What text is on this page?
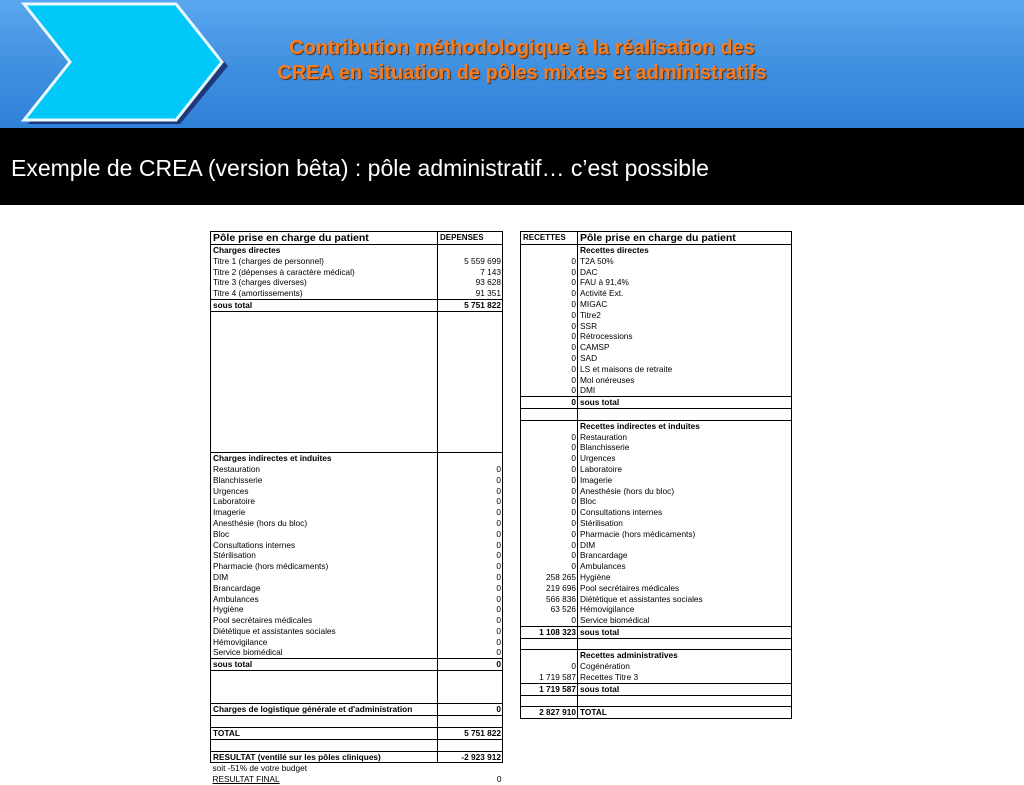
Contribution méthodologique à la réalisation des
CREA en situation de pôles mixtes et administratifs
Exemple de CREA (version bêta) : pôle administratif… c’est possible
Pôle prise en charge du patient	DEPENSES
Charges directes	
Titre 1 (charges de personnel)	5 559 699
Titre 2 (dépenses à caractère médical)	7 143
Titre 3 (charges diverses)	93 628
Titre 4 (amortissements)	91 351
sous total	5 751 822

Charges indirectes et induites	
Restauration	0
Blanchisserie	0
Urgences	0
Laboratoire	0
Imagerie	0
Anesthésie (hors du bloc)	0
Bloc	0
Consultations internes	0
Stérilisation	0
Pharmacie (hors médicaments)	0
DIM	0
Brancardage	0
Ambulances	0
Hygiène	0
Pool secrétaires médicales	0
Diététique et assistantes sociales	0
Hémovigilance	0
Service biomédical	0
sous total	0

Charges de logistique générale et d'administration	0

TOTAL	5 751 822

RESULTAT (ventilé sur les pôles cliniques)	-2 923 912
soit -51% de votre budget	
RESULTAT FINAL	0
RECETTES	Pôle prise en charge du patient
	Recettes directes
0	T2A 50%
0	DAC
0	FAU à 91,4%
0	Activité Ext.
0	MIGAC
0	Titre2
0	SSR
0	Rétrocessions
0	CAMSP
0	SAD
0	LS et maisons de retraite
0	Mol onéreuses
0	DMI
0	sous total

	Recettes indirectes et induites
0	Restauration
0	Blanchisserie
0	Urgences
0	Laboratoire
0	Imagerie
0	Anesthésie (hors du bloc)
0	Bloc
0	Consultations internes
0	Stérilisation
0	Pharmacie (hors médicaments)
0	DIM
0	Brancardage
0	Ambulances
258 265	Hygiène
219 696	Pool secrétaires médicales
566 836	Diététique et assistantes sociales
63 526	Hémovigilance
0	Service biomédical
1 108 323	sous total

	Recettes administratives
0	Cogénération
1 719 587	Recettes Titre 3
1 719 587	sous total

2 827 910	TOTAL
